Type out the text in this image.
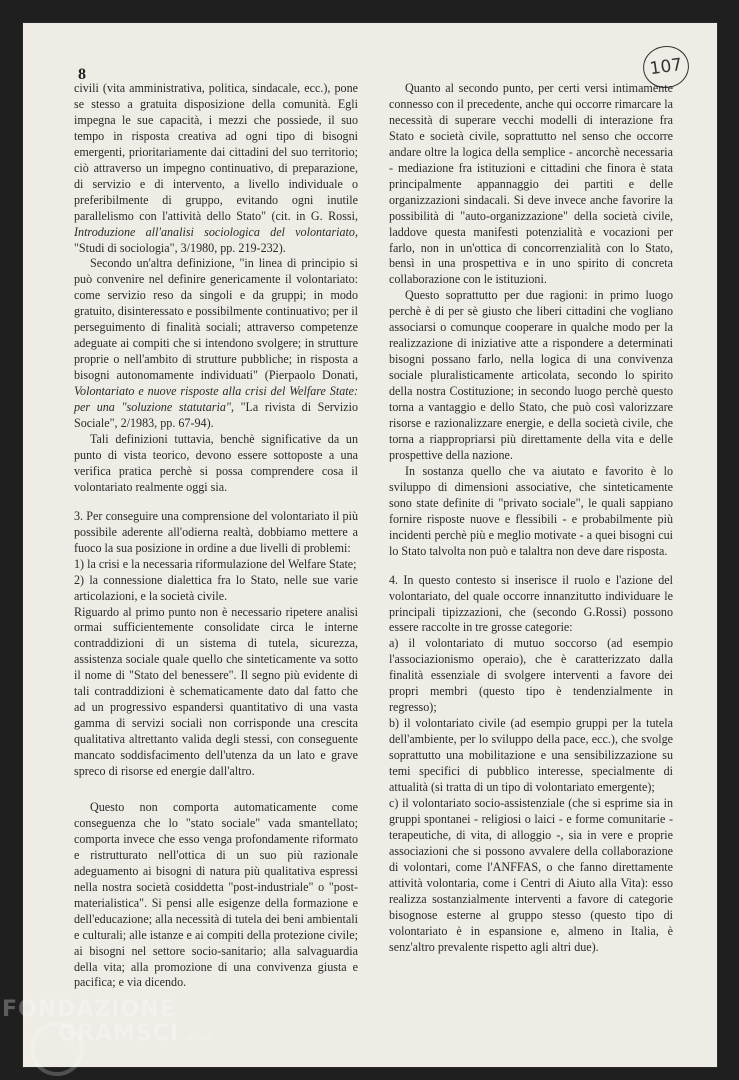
8	107

civili (vita amministrativa, politica, sindacale, ecc.), pone se stesso a gratuita disposizione della comunità. Egli impegna le sue capacità, i mezzi che possiede, il suo tempo in risposta creativa ad ogni tipo di bisogni emergenti, prioritariamente dai cittadini del suo territorio; ciò attraverso un impegno continuativo, di preparazione, di servizio e di intervento, a livello individuale o preferibilmente di gruppo, evitando ogni inutile parallelismo con l'attività dello Stato" (cit. in G. Rossi, Introduzione all'analisi sociologica del volontariato, "Studi di sociologia", 3/1980, pp. 219-232).

Secondo un'altra definizione, "in linea di principio si può convenire nel definire genericamente il volontariato: come servizio reso da singoli e da gruppi; in modo gratuito, disinteressato e possibilmente continuativo; per il perseguimento di finalità sociali; attraverso competenze adeguate ai compiti che si intendono svolgere; in strutture proprie o nell'ambito di strutture pubbliche; in risposta a bisogni autonomamente individuati" (Pierpaolo Donati, Volontariato e nuove risposte alla crisi del Welfare State: per una "soluzione statutaria", "La rivista di Servizio Sociale", 2/1983, pp. 67-94).

Tali definizioni tuttavia, benchè significative da un punto di vista teorico, devono essere sottoposte a una verifica pratica perchè si possa comprendere cosa il volontariato realmente oggi sia.

3. Per conseguire una comprensione del volontariato il più possibile aderente all'odierna realtà, dobbiamo mettere a fuoco la sua posizione in ordine a due livelli di problemi:

1) la crisi e la necessaria riformulazione del Welfare State;

2) la connessione dialettica fra lo Stato, nelle sue varie articolazioni, e la società civile.

Riguardo al primo punto non è necessario ripetere analisi ormai sufficientemente consolidate circa le interne contraddizioni di un sistema di tutela, sicurezza, assistenza sociale quale quello che sinteticamente va sotto il nome di "Stato del benessere". Il segno più evidente di tali contraddizioni è schematicamente dato dal fatto che ad un progressivo espandersi quantitativo di una vasta gamma di servizi sociali non corrisponde una crescita qualitativa altrettanto valida degli stessi, con conseguente mancato soddisfacimento dell'utenza da un lato e grave spreco di risorse ed energie dall'altro.

Questo non comporta automaticamente come conseguenza che lo "stato sociale" vada smantellato; comporta invece che esso venga profondamente riformato e ristrutturato nell'ottica di un suo più razionale adeguamento ai bisogni di natura più qualitativa espressi nella nostra società cosiddetta "post-industriale" o "post-materialistica". Si pensi alle esigenze della formazione e dell'educazione; alla necessità di tutela dei beni ambientali e culturali; alle istanze e ai compiti della protezione civile; ai bisogni nel settore socio-sanitario; alla salvaguardia della vita; alla promozione di una convivenza giusta e pacifica; e via dicendo.

Quanto al secondo punto, per certi versi intimamente connesso con il precedente, anche qui occorre rimarcare la necessità di superare vecchi modelli di interazione fra Stato e società civile, soprattutto nel senso che occorre andare oltre la logica della semplice - ancorchè necessaria - mediazione fra istituzioni e cittadini che finora è stata principalmente appannaggio dei partiti e delle organizzazioni sindacali. Si deve invece anche favorire la possibilità di "auto-organizzazione" della società civile, laddove questa manifesti potenzialità e vocazioni per farlo, non in un'ottica di concorrenzialità con lo Stato, bensì in una prospettiva e in uno spirito di concreta collaborazione con le istituzioni.

Questo soprattutto per due ragioni: in primo luogo perchè è di per sè giusto che liberi cittadini che vogliano associarsi o comunque cooperare in qualche modo per la realizzazione di iniziative atte a rispondere a determinati bisogni possano farlo, nella logica di una convivenza sociale pluralisticamente articolata, secondo lo spirito della nostra Costituzione; in secondo luogo perchè questo torna a vantaggio e dello Stato, che può così valorizzare risorse e razionalizzare energie, e della società civile, che torna a riappropriarsi più direttamente della vita e delle prospettive della nazione.

In sostanza quello che va aiutato e favorito è lo sviluppo di dimensioni associative, che sinteticamente sono state definite di "privato sociale", le quali sappiano fornire risposte nuove e flessibili - e probabilmente più incidenti perchè più e meglio motivate - a quei bisogni cui lo Stato talvolta non può e talaltra non deve dare risposta.

4. In questo contesto si inserisce il ruolo e l'azione del volontariato, del quale occorre innanzitutto individuare le principali tipizzazioni, che (secondo G.Rossi) possono essere raccolte in tre grosse categorie:

a) il volontariato di mutuo soccorso (ad esempio l'associazionismo operaio), che è caratterizzato dalla finalità essenziale di svolgere interventi a favore dei propri membri (questo tipo è tendenzialmente in regresso);

b) il volontariato civile (ad esempio gruppi per la tutela dell'ambiente, per lo sviluppo della pace, ecc.), che svolge soprattutto una mobilitazione e una sensibilizzazione su temi specifici di pubblico interesse, specialmente di attualità (si tratta di un tipo di volontariato emergente);

c) il volontariato socio-assistenziale (che si esprime sia in gruppi spontanei - religiosi o laici - e forme comunitarie - terapeutiche, di vita, di alloggio -, sia in vere e proprie associazioni che si possono avvalere della collaborazione di volontari, come l'ANFFAS, o che fanno direttamente attività volontaria, come i Centri di Aiuto alla Vita): esso realizza sostanzialmente interventi a favore di categorie bisognose esterne al gruppo stesso (questo tipo di volontariato è in espansione e, almeno in Italia, è senz'altro prevalente rispetto agli altri due).

FONDAZIONE
GRAMSCI onlus
